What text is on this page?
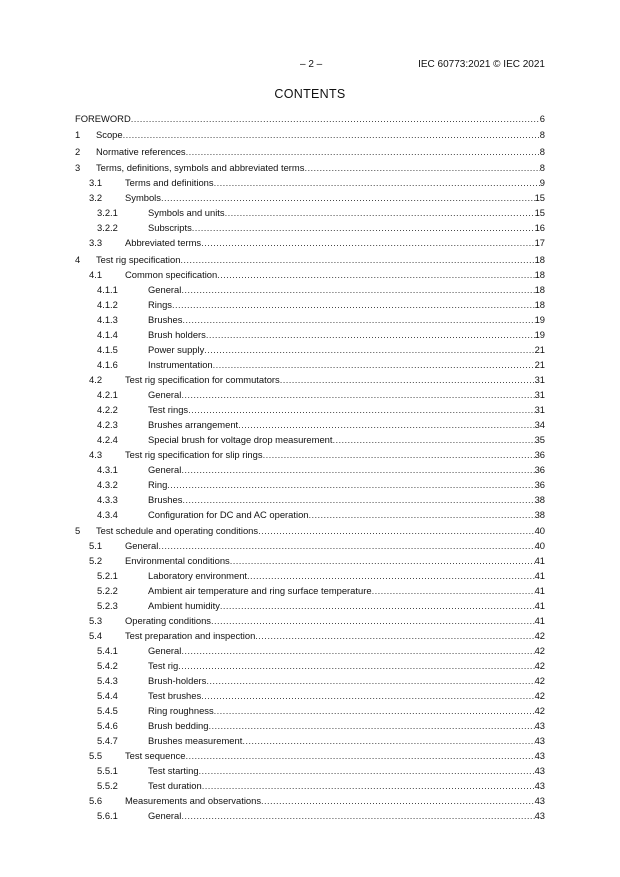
– 2 –	IEC 60773:2021 © IEC 2021
CONTENTS
FOREWORD .....	6
1 Scope .....	8
2 Normative references .....	8
3 Terms, definitions, symbols and abbreviated terms .....	8
3.1 Terms and definitions .....	9
3.2 Symbols .....	15
3.2.1	Symbols and units .....	15
3.2.2	Subscripts .....	16
3.3 Abbreviated terms .....	17
4 Test rig specification .....	18
4.1 Common specification .....	18
4.1.1	General .....	18
4.1.2	Rings .....	18
4.1.3	Brushes .....	19
4.1.4	Brush holders .....	19
4.1.5	Power supply .....	21
4.1.6	Instrumentation .....	21
4.2 Test rig specification for commutators .....	31
4.2.1	General .....	31
4.2.2	Test rings .....	31
4.2.3	Brushes arrangement .....	34
4.2.4	Special brush for voltage drop measurement .....	35
4.3 Test rig specification for slip rings .....	36
4.3.1	General .....	36
4.3.2	Ring .....	36
4.3.3	Brushes .....	38
4.3.4	Configuration for DC and AC operation .....	38
5 Test schedule and operating conditions .....	40
5.1 General .....	40
5.2 Environmental conditions .....	41
5.2.1	Laboratory environment .....	41
5.2.2	Ambient air temperature and ring surface temperature .....	41
5.2.3	Ambient humidity .....	41
5.3 Operating conditions .....	41
5.4 Test preparation and inspection .....	42
5.4.1	General .....	42
5.4.2	Test rig .....	42
5.4.3	Brush-holders .....	42
5.4.4	Test brushes .....	42
5.4.5	Ring roughness .....	42
5.4.6	Brush bedding .....	43
5.4.7	Brushes measurement .....	43
5.5 Test sequence .....	43
5.5.1	Test starting .....	43
5.5.2	Test duration .....	43
5.6 Measurements and observations .....	43
5.6.1	General .....	43
